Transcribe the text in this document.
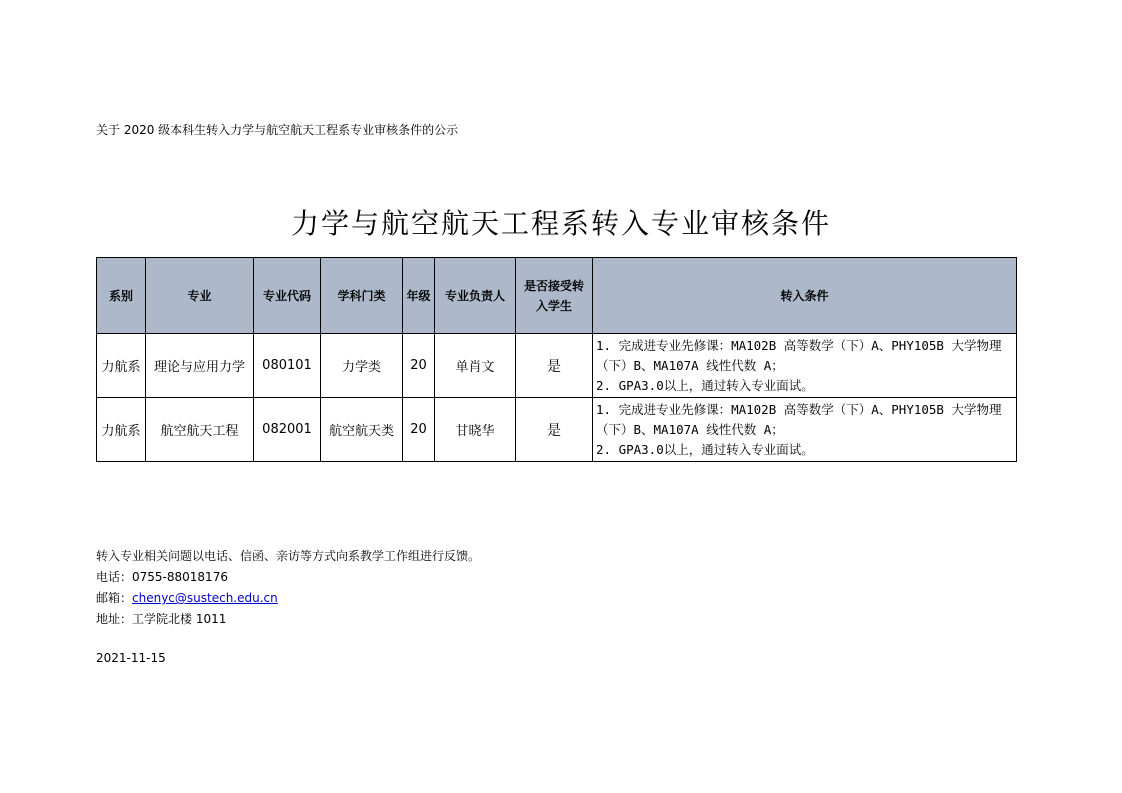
关于 2020 级本科生转入力学与航空航天工程系专业审核条件的公示
力学与航空航天工程系转入专业审核条件
系别	专业	专业代码	学科门类	年级	专业负责人	是否接受转入学生	转入条件
力航系	理论与应用力学	080101	力学类	20	单肖文	是	1. 完成进专业先修课：MA102B 高等数学（下）A、PHY105B 大学物理（下）B、MA107A 线性代数 A；
2. GPA3.0以上，通过转入专业面试。

力航系	航空航天工程	082001	航空航天类	20	甘晓华	是	1. 完成进专业先修课：MA102B 高等数学（下）A、PHY105B 大学物理（下）B、MA107A 线性代数 A；
2. GPA3.0以上，通过转入专业面试。
转入专业相关问题以电话、信函、亲访等方式向系教学工作组进行反馈。
电话：0755-88018176
邮箱：chenyc@sustech.edu.cn
地址：工学院北楼 1011
2021-11-15
